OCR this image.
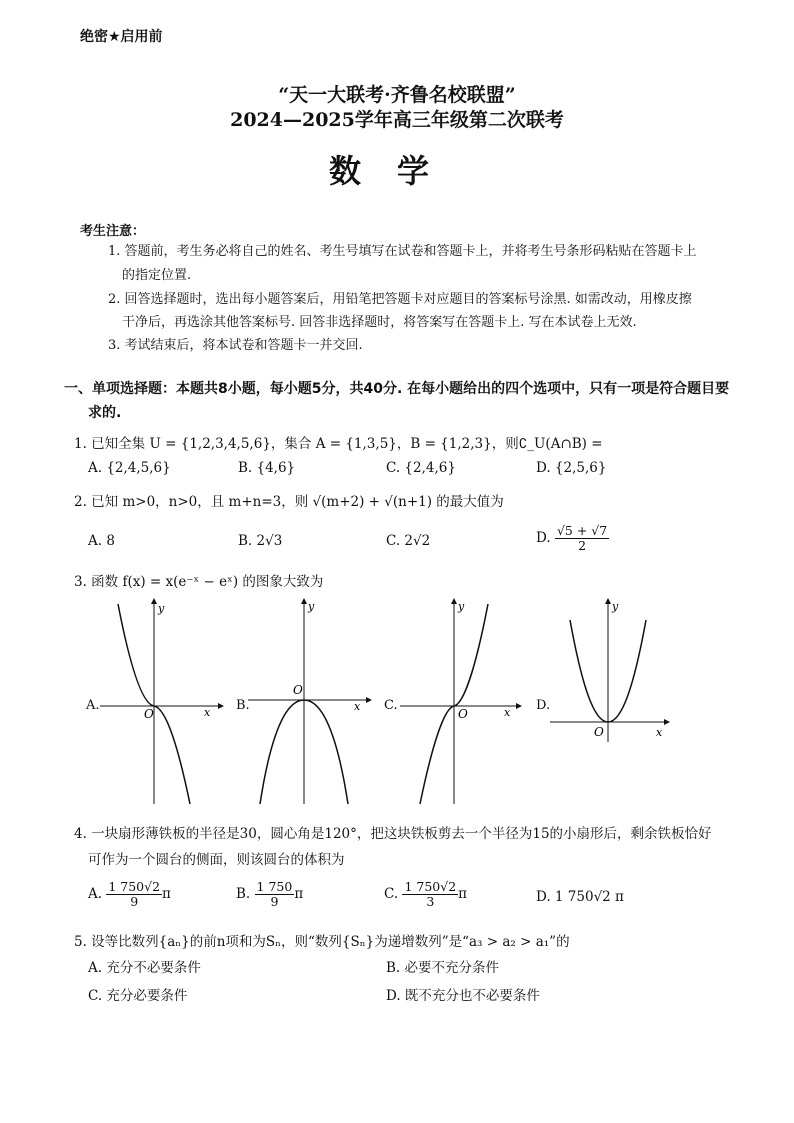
绝密★启用前
“天一大联考·齐鲁名校联盟”
2024—2025学年高三年级第二次联考
数学
考生注意：
1. 答题前，考生务必将自己的姓名、考生号填写在试卷和答题卡上，并将考生号条形码粘贴在答题卡上
的指定位置.
2. 回答选择题时，选出每小题答案后，用铅笔把答题卡对应题目的答案标号涂黑. 如需改动，用橡皮擦
干净后，再选涂其他答案标号. 回答非选择题时，将答案写在答题卡上. 写在本试卷上无效.
3. 考试结束后，将本试卷和答题卡一并交回.
一、单项选择题：本题共8小题，每小题5分，共40分. 在每小题给出的四个选项中，只有一项是符合题目要
求的.
1. 已知全集 U = {1,2,3,4,5,6}，集合 A = {1,3,5}，B = {1,2,3}，则∁_U(A∩B) =
A. {2,4,5,6}	B. {4,6}	C. {2,4,6}	D. {2,5,6}
2. 已知 m>0，n>0，且 m+n=3，则 √(m+2) + √(n+1) 的最大值为
A. 8	B. 2√3	C. 2√2	D. $\frac{√5 + √7}{2}$
3. 函数 f(x) = x(e⁻ˣ − eˣ) 的图象大致为
A.
y
x
O
B.
y
x
O
C.
y
x
O
D.
y
x
O
4. 一块扇形薄铁板的半径是30，圆心角是120°，把这块铁板剪去一个半径为15的小扇形后，剩余铁板恰好
可作为一个圆台的侧面，则该圆台的体积为
A. $\frac{1 750√2}{9}$ π	B. $\frac{1 750}{9}$ π	C. $\frac{1 750√2}{3}$ π	D. 1 750√2 π
5. 设等比数列{aₙ}的前n项和为Sₙ，则“数列{Sₙ}为递增数列”是“a₃ > a₂ > a₁”的
A. 充分不必要条件	B. 必要不充分条件
C. 充分必要条件	D. 既不充分也不必要条件
